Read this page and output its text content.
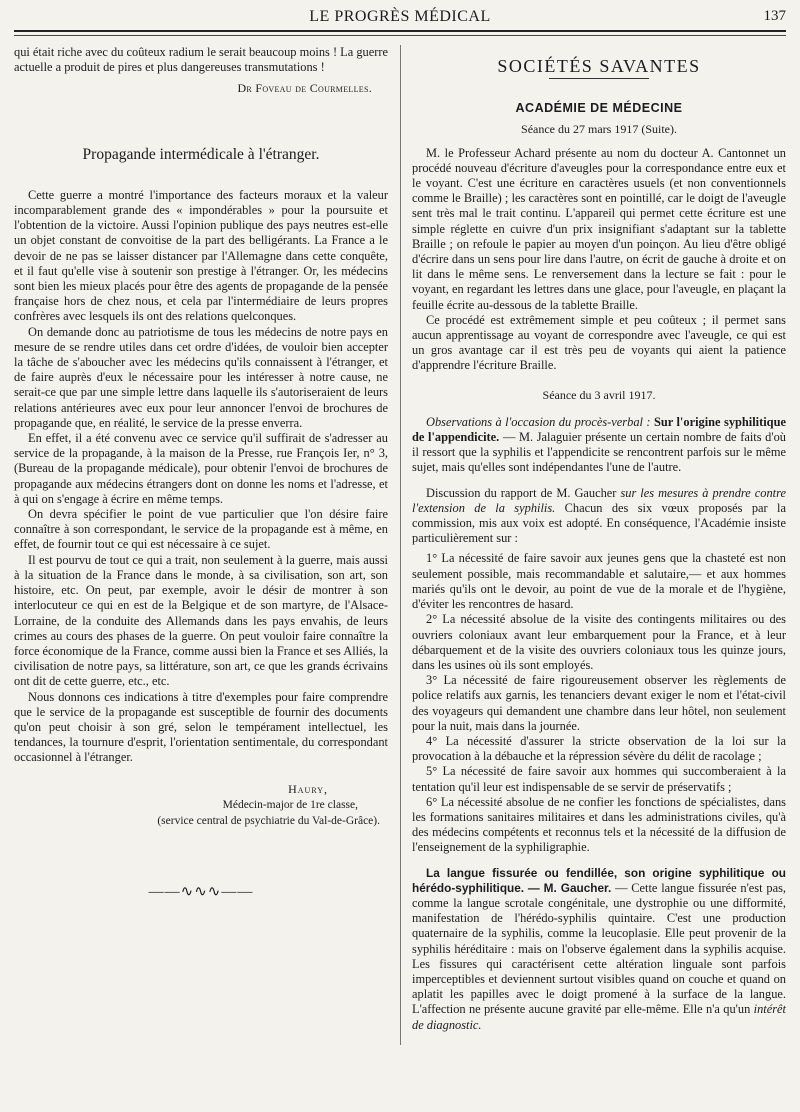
LE PROGRÈS MÉDICAL	137

qui était riche avec du coûteux radium le serait beaucoup moins ! La guerre actuelle a produit de pires et plus dangereuses transmutations !

Dr Foveau de Courmelles.
Propagande intermédicale à l'étranger.

Cette guerre a montré l'importance des facteurs moraux et la valeur incomparablement grande des « impondérables » pour la poursuite et l'obtention de la victoire. Aussi l'opinion publique des pays neutres est-elle un objet constant de convoitise de la part des belligérants. La France a le devoir de ne pas se laisser distancer par l'Allemagne dans cette conquête, et il faut qu'elle vise à soutenir son prestige à l'étranger. Or, les médecins sont bien les mieux placés pour être des agents de propagande de la pensée française hors de chez nous, et cela par l'intermédiaire de leurs propres confrères avec lesquels ils ont des relations quelconques.

On demande donc au patriotisme de tous les médecins de notre pays en mesure de se rendre utiles dans cet ordre d'idées, de vouloir bien accepter la tâche de s'aboucher avec les médecins qu'ils connaissent à l'étranger, et de faire auprès d'eux le nécessaire pour les intéresser à notre cause, ne serait-ce que par une simple lettre dans laquelle ils s'autoriseraient de leurs relations antérieures avec eux pour leur annoncer l'envoi de brochures de propagande que, en réalité, le service de la presse enverra.

En effet, il a été convenu avec ce service qu'il suffirait de s'adresser au service de la propagande, à la maison de la Presse, rue François Ier, n° 3, (Bureau de la propagande médicale), pour obtenir l'envoi de brochures de propagande aux médecins étrangers dont on donne les noms et l'adresse, et à qui on s'engage à écrire en même temps.

On devra spécifier le point de vue particulier que l'on désire faire connaître à son correspondant, le service de la propagande est à même, en effet, de fournir tout ce qui est nécessaire à ce sujet.

Il est pourvu de tout ce qui a trait, non seulement à la guerre, mais aussi à la situation de la France dans le monde, à sa civilisation, son art, son histoire, etc. On peut, par exemple, avoir le désir de montrer à son interlocuteur ce qui en est de la Belgique et de son martyre, de l'Alsace-Lorraine, de la conduite des Allemands dans les pays envahis, de leurs crimes au cours des phases de la guerre. On peut vouloir faire connaître la force économique de la France, comme aussi bien la France et ses Alliés, la civilisation de notre pays, sa littérature, son art, ce que les grands écrivains ont dit de cette guerre, etc., etc.

Nous donnons ces indications à titre d'exemples pour faire comprendre que le service de la propagande est susceptible de fournir des documents qu'on peut choisir à son gré, selon le tempérament intellectuel, les tendances, la tournure d'esprit, l'orientation sentimentale, du correspondant occasionnel à l'étranger.

Haury,
Médecin-major de 1re classe,
(service central de psychiatrie du Val-de-Grâce).
——∿∿∿——
SOCIÉTÉS SAVANTES
ACADÉMIE DE MÉDECINE
Séance du 27 mars 1917 (Suite).

M. le Professeur Achard présente au nom du docteur A. Cantonnet un procédé nouveau d'écriture d'aveugles pour la correspondance entre eux et le voyant. C'est une écriture en caractères usuels (et non conventionnels comme le Braille) ; les caractères sont en pointillé, car le doigt de l'aveugle sent très mal le trait continu. L'appareil qui permet cette écriture est une simple réglette en cuivre d'un prix insignifiant s'adaptant sur la tablette Braille ; on refoule le papier au moyen d'un poinçon. Au lieu d'être obligé d'écrire dans un sens pour lire dans l'autre, on écrit de gauche à droite et on lit dans le même sens. Le renversement dans la lecture se fait : pour le voyant, en regardant les lettres dans une glace, pour l'aveugle, en plaçant la feuille écrite au-dessous de la tablette Braille.

Ce procédé est extrêmement simple et peu coûteux ; il permet sans aucun apprentissage au voyant de correspondre avec l'aveugle, ce qui est un gros avantage car il est très peu de voyants qui aient la patience d'apprendre l'écriture Braille.

Séance du 3 avril 1917.

Observations à l'occasion du procès-verbal : Sur l'origine syphilitique de l'appendicite. — M. Jalaguier présente un certain nombre de faits d'où il ressort que la syphilis et l'appendicite se rencontrent parfois sur le même sujet, mais qu'elles sont indépendantes l'une de l'autre.

Discussion du rapport de M. Gaucher sur les mesures à prendre contre l'extension de la syphilis. Chacun des six vœux proposés par la commission, mis aux voix est adopté. En conséquence, l'Académie insiste particulièrement sur :

1° La nécessité de faire savoir aux jeunes gens que la chasteté est non seulement possible, mais recommandable et salutaire,— et aux hommes mariés qu'ils ont le devoir, au point de vue de la morale et de l'hygiène, d'éviter les rencontres de hasard.

2° La nécessité absolue de la visite des contingents militaires ou des ouvriers coloniaux avant leur embarquement pour la France, et à leur débarquement et de la visite des ouvriers coloniaux tous les quinze jours, dans les usines où ils sont employés.

3° La nécessité de faire rigoureusement observer les règlements de police relatifs aux garnis, les tenanciers devant exiger le nom et l'état-civil des voyageurs qui demandent une chambre dans leur hôtel, non seulement pour la nuit, mais dans la journée.

4° La nécessité d'assurer la stricte observation de la loi sur la provocation à la débauche et la répression sévère du délit de racolage ;

5° La nécessité de faire savoir aux hommes qui succomberaient à la tentation qu'il leur est indispensable de se servir de préservatifs ;

6° La nécessité absolue de ne confier les fonctions de spécialistes, dans les formations sanitaires militaires et dans les administrations civiles, qu'à des médecins compétents et reconnus tels et la nécessité de la diffusion de l'enseignement de la syphiligraphie.

La langue fissurée ou fendillée, son origine syphilitique ou hérédo-syphilitique. — M. Gaucher. — Cette langue fissurée n'est pas, comme la langue scrotale congénitale, une dystrophie ou une difformité, manifestation de l'hérédo-syphilis quintaire. C'est une production quaternaire de la syphilis, comme la leucoplasie. Elle peut provenir de la syphilis héréditaire : mais on l'observe également dans la syphilis acquise. Les fissures qui caractérisent cette altération linguale sont parfois imperceptibles et deviennent surtout visibles quand on couche et quand on aplatit les papilles avec le doigt promené à la surface de la langue. L'affection ne présente aucune gravité par elle-même. Elle n'a qu'un intérêt de diagnostic.
